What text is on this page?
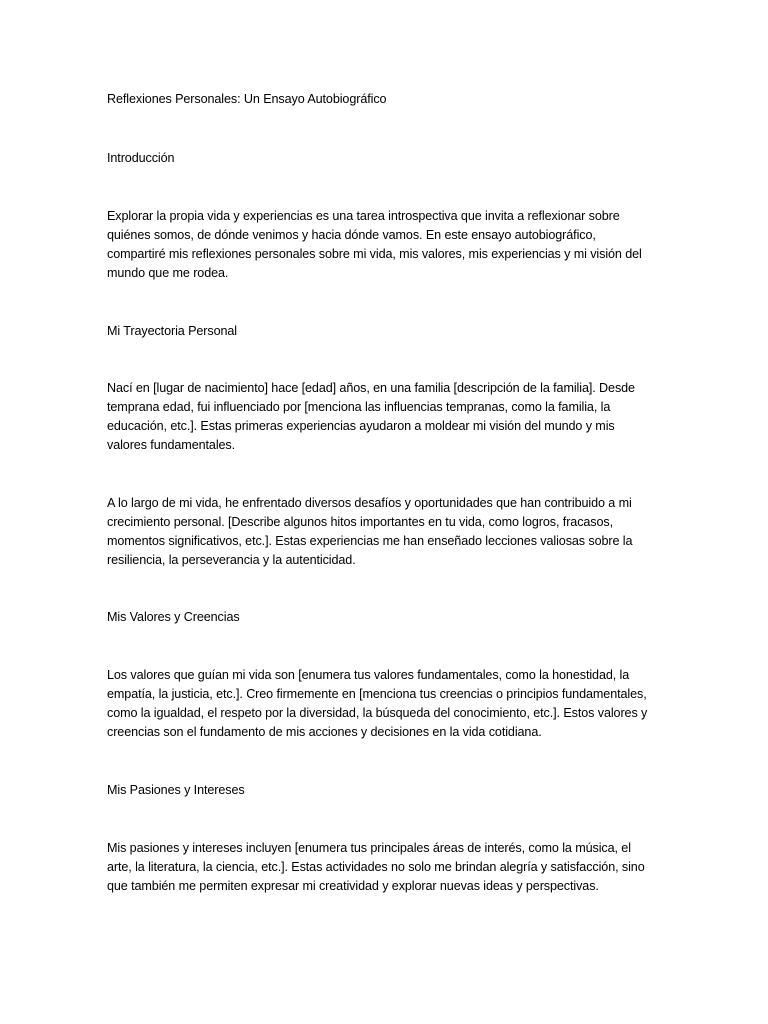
Reflexiones Personales: Un Ensayo Autobiográfico
Introducción
Explorar la propia vida y experiencias es una tarea introspectiva que invita a reflexionar sobre
quiénes somos, de dónde venimos y hacia dónde vamos. En este ensayo autobiográfico,
compartiré mis reflexiones personales sobre mi vida, mis valores, mis experiencias y mi visión del
mundo que me rodea.
Mi Trayectoria Personal
Nací en [lugar de nacimiento] hace [edad] años, en una familia [descripción de la familia]. Desde
temprana edad, fui influenciado por [menciona las influencias tempranas, como la familia, la
educación, etc.]. Estas primeras experiencias ayudaron a moldear mi visión del mundo y mis
valores fundamentales.
A lo largo de mi vida, he enfrentado diversos desafíos y oportunidades que han contribuido a mi
crecimiento personal. [Describe algunos hitos importantes en tu vida, como logros, fracasos,
momentos significativos, etc.]. Estas experiencias me han enseñado lecciones valiosas sobre la
resiliencia, la perseverancia y la autenticidad.
Mis Valores y Creencias
Los valores que guían mi vida son [enumera tus valores fundamentales, como la honestidad, la
empatía, la justicia, etc.]. Creo firmemente en [menciona tus creencias o principios fundamentales,
como la igualdad, el respeto por la diversidad, la búsqueda del conocimiento, etc.]. Estos valores y
creencias son el fundamento de mis acciones y decisiones en la vida cotidiana.
Mis Pasiones y Intereses
Mis pasiones y intereses incluyen [enumera tus principales áreas de interés, como la música, el
arte, la literatura, la ciencia, etc.]. Estas actividades no solo me brindan alegría y satisfacción, sino
que también me permiten expresar mi creatividad y explorar nuevas ideas y perspectivas.
